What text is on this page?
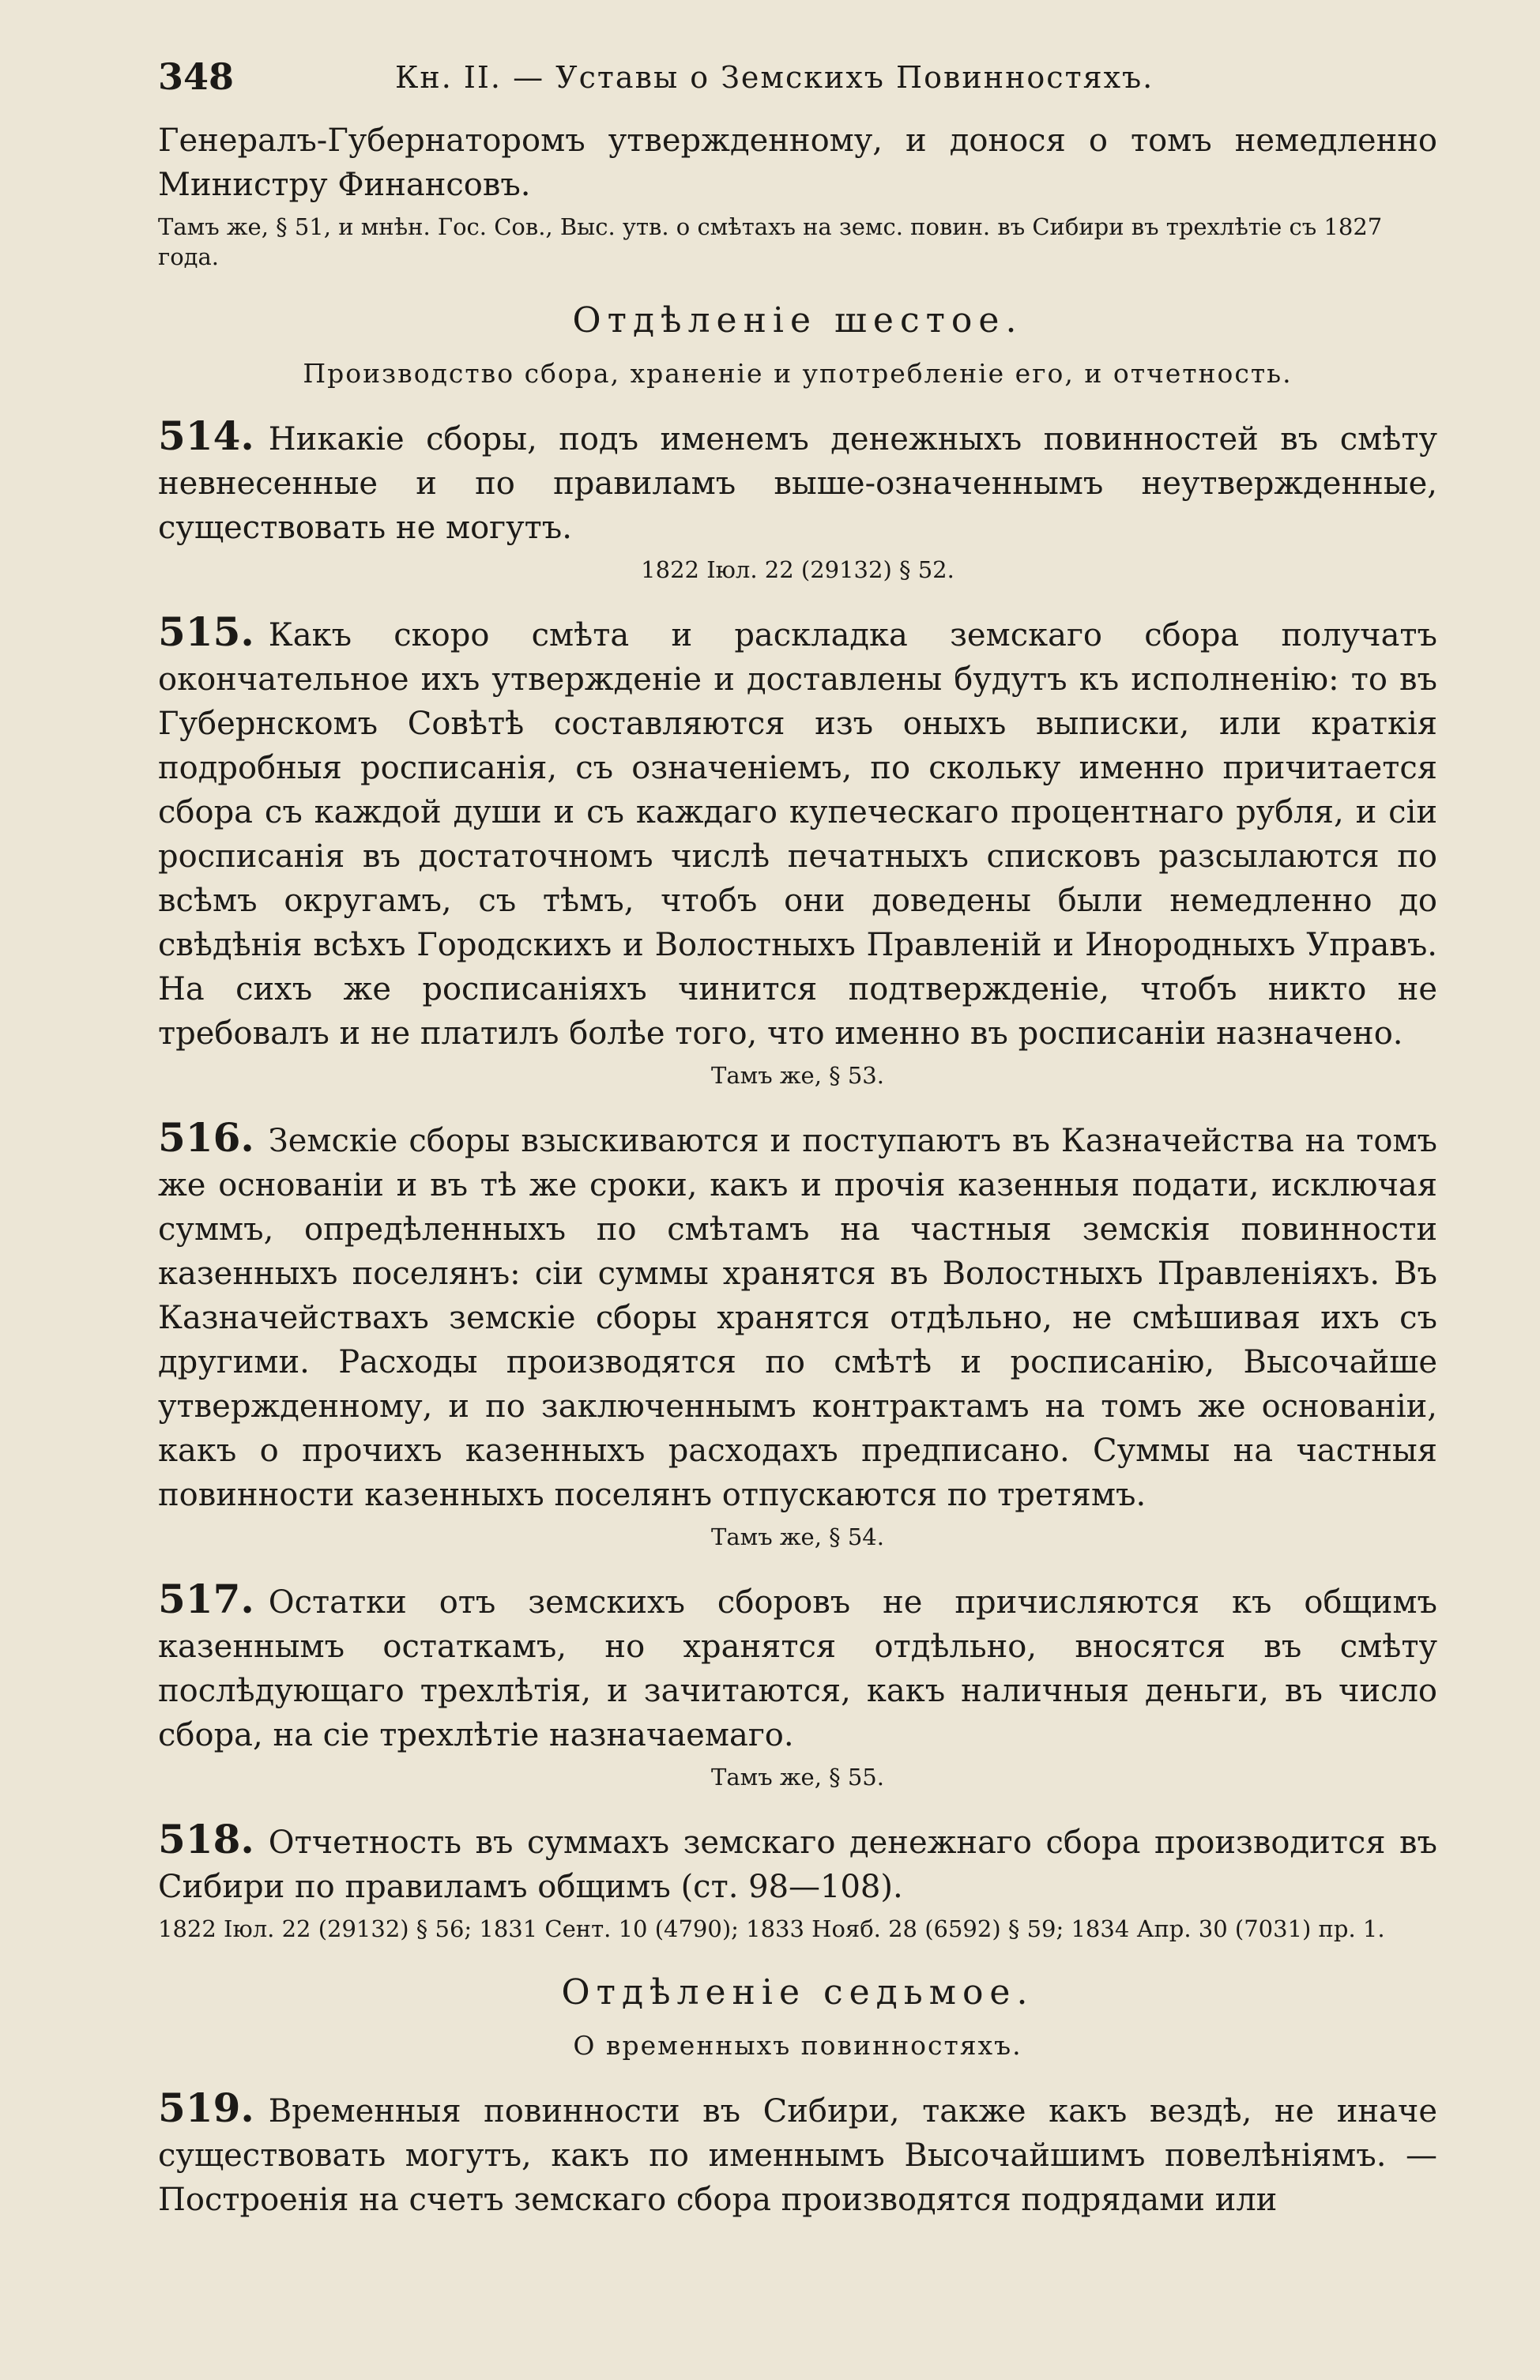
348	Кн. II. — Уставы о Земскихъ Повинностяхъ.

Генералъ-Губернаторомъ утвержденному, и донося о томъ немедленно Министру Финансовъ.

Тамъ же, § 51, и мнѣн. Гос. Сов., Выс. утв. о смѣтахъ на земс. повин. въ Сибири въ трехлѣтіе съ 1827 года.

Отдѣленіе шестое.
Производство сбора, храненіе и употребленіе его, и отчетность.

514. Никакіе сборы, подъ именемъ денежныхъ повинностей въ смѣту невнесенные и по правиламъ выше-означеннымъ неутвержденные, существовать не могутъ.

1822 Іюл. 22 (29132) § 52.

515. Какъ скоро смѣта и раскладка земскаго сбора получатъ окончательное ихъ утвержденіе и доставлены будутъ къ исполненію: то въ Губернскомъ Совѣтѣ составляются изъ оныхъ выписки, или краткія подробныя росписанія, съ означеніемъ, по скольку именно причитается сбора съ каждой души и съ каждаго купеческаго процентнаго рубля, и сіи росписанія въ достаточномъ числѣ печатныхъ списковъ разсылаются по всѣмъ округамъ, съ тѣмъ, чтобъ они доведены были немедленно до свѣдѣнія всѣхъ Городскихъ и Волостныхъ Правленій и Инородныхъ Управъ. На сихъ же росписаніяхъ чинится подтвержденіе, чтобъ никто не требовалъ и не платилъ болѣе того, что именно въ росписаніи назначено.

Тамъ же, § 53.

516. Земскіе сборы взыскиваются и поступаютъ въ Казначейства на томъ же основаніи и въ тѣ же сроки, какъ и прочія казенныя подати, исключая суммъ, опредѣленныхъ по смѣтамъ на частныя земскія повинности казенныхъ поселянъ: сіи суммы хранятся въ Волостныхъ Правленіяхъ. Въ Казначействахъ земскіе сборы хранятся отдѣльно, не смѣшивая ихъ съ другими. Расходы производятся по смѣтѣ и росписанію, Высочайше утвержденному, и по заключеннымъ контрактамъ на томъ же основаніи, какъ о прочихъ казенныхъ расходахъ предписано. Суммы на частныя повинности казенныхъ поселянъ отпускаются по третямъ.

Тамъ же, § 54.

517. Остатки отъ земскихъ сборовъ не причисляются къ общимъ казеннымъ остаткамъ, но хранятся отдѣльно, вносятся въ смѣту послѣдующаго трехлѣтія, и зачитаются, какъ наличныя деньги, въ число сбора, на сіе трехлѣтіе назначаемаго.

Тамъ же, § 55.

518. Отчетность въ суммахъ земскаго денежнаго сбора производится въ Сибири по правиламъ общимъ (ст. 98—108).

1822 Іюл. 22 (29132) § 56; 1831 Сент. 10 (4790); 1833 Нояб. 28 (6592) § 59; 1834 Апр. 30 (7031) пр. 1.

Отдѣленіе седьмое.
О временныхъ повинностяхъ.

519. Временныя повинности въ Сибири, также какъ вездѣ, не иначе существовать могутъ, какъ по именнымъ Высочайшимъ повелѣніямъ. —Построенія на счетъ земскаго сбора производятся подрядами или
